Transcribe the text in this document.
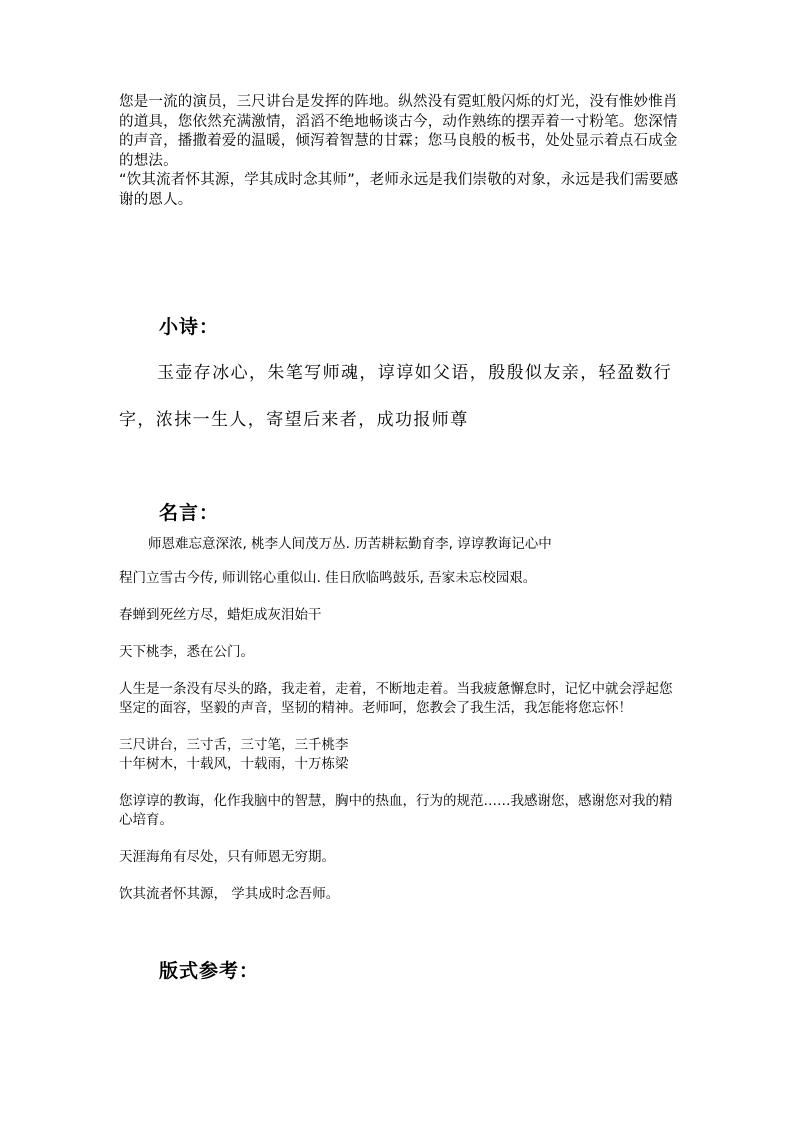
您是一流的演员，三尺讲台是发挥的阵地。纵然没有霓虹般闪烁的灯光，没有惟妙惟肖的道具，您依然充满激情，滔滔不绝地畅谈古今，动作熟练的摆弄着一寸粉笔。您深情的声音，播撒着爱的温暖，倾泻着智慧的甘霖；您马良般的板书，处处显示着点石成金的想法。

“饮其流者怀其源，学其成时念其师”，老师永远是我们崇敬的对象，永远是我们需要感谢的恩人。

小诗：

玉壶存冰心，朱笔写师魂，谆谆如父语，殷殷似友亲，轻盈数行字，浓抹一生人，寄望后来者，成功报师尊

名言：

师恩难忘意深浓, 桃李人间茂万丛. 历苦耕耘勤育李, 谆谆教诲记心中

程门立雪古今传, 师训铭心重似山. 佳日欣临鸣鼓乐, 吾家未忘校园艰。

春蝉到死丝方尽，蜡炬成灰泪始干

天下桃李，悉在公门。

人生是一条没有尽头的路，我走着，走着，不断地走着。当我疲惫懈怠时，记忆中就会浮起您坚定的面容，坚毅的声音，坚韧的精神。老师呵，您教会了我生活，我怎能将您忘怀！

三尺讲台，三寸舌，三寸笔，三千桃李
十年树木，十载风，十载雨，十万栋梁

您谆谆的教诲，化作我脑中的智慧，胸中的热血，行为的规范……我感谢您，感谢您对我的精心培育。

天涯海角有尽处，只有师恩无穷期。

饮其流者怀其源， 学其成时念吾师。

版式参考：
